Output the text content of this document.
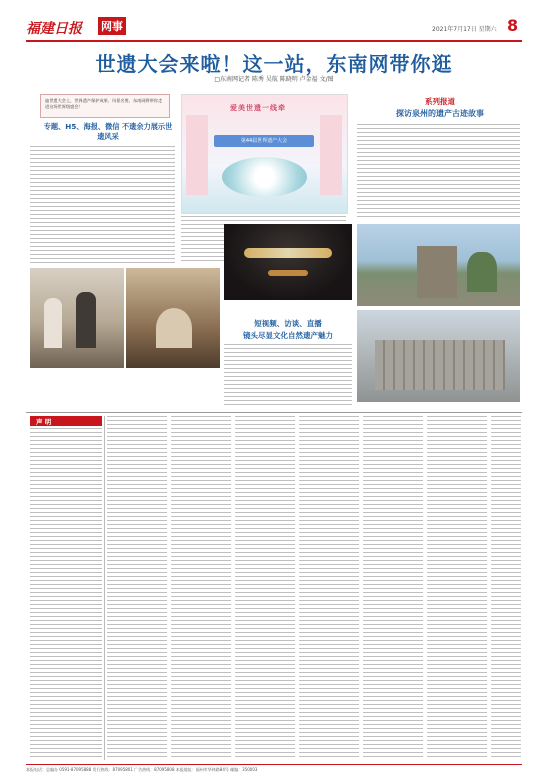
福建日报 网事	2021年7月17日 星期六 8
世遗大会来啦！这一站，东南网带你逛
□东南网记者 陈秀 吴航 陈晓明 卢金福 文/图
迪世遗大会上，世界遗产保护成果、风景名胜、东南网将带你走进这场世界级盛会！
专题、H5、海报、微信 不遗余力展示世遗风采
爱美世遗一线牵
第44届世界遗产大会
系列报道
探访泉州的遗产古迹故事
短视频、访谈、直播
镜头尽显文化自然遗产魅力
声 明
本报电话：总编办 0591-87095888 发行热线：87095801 广告热线：87095808 本报地址：福州市华林路84号 邮编：350003
